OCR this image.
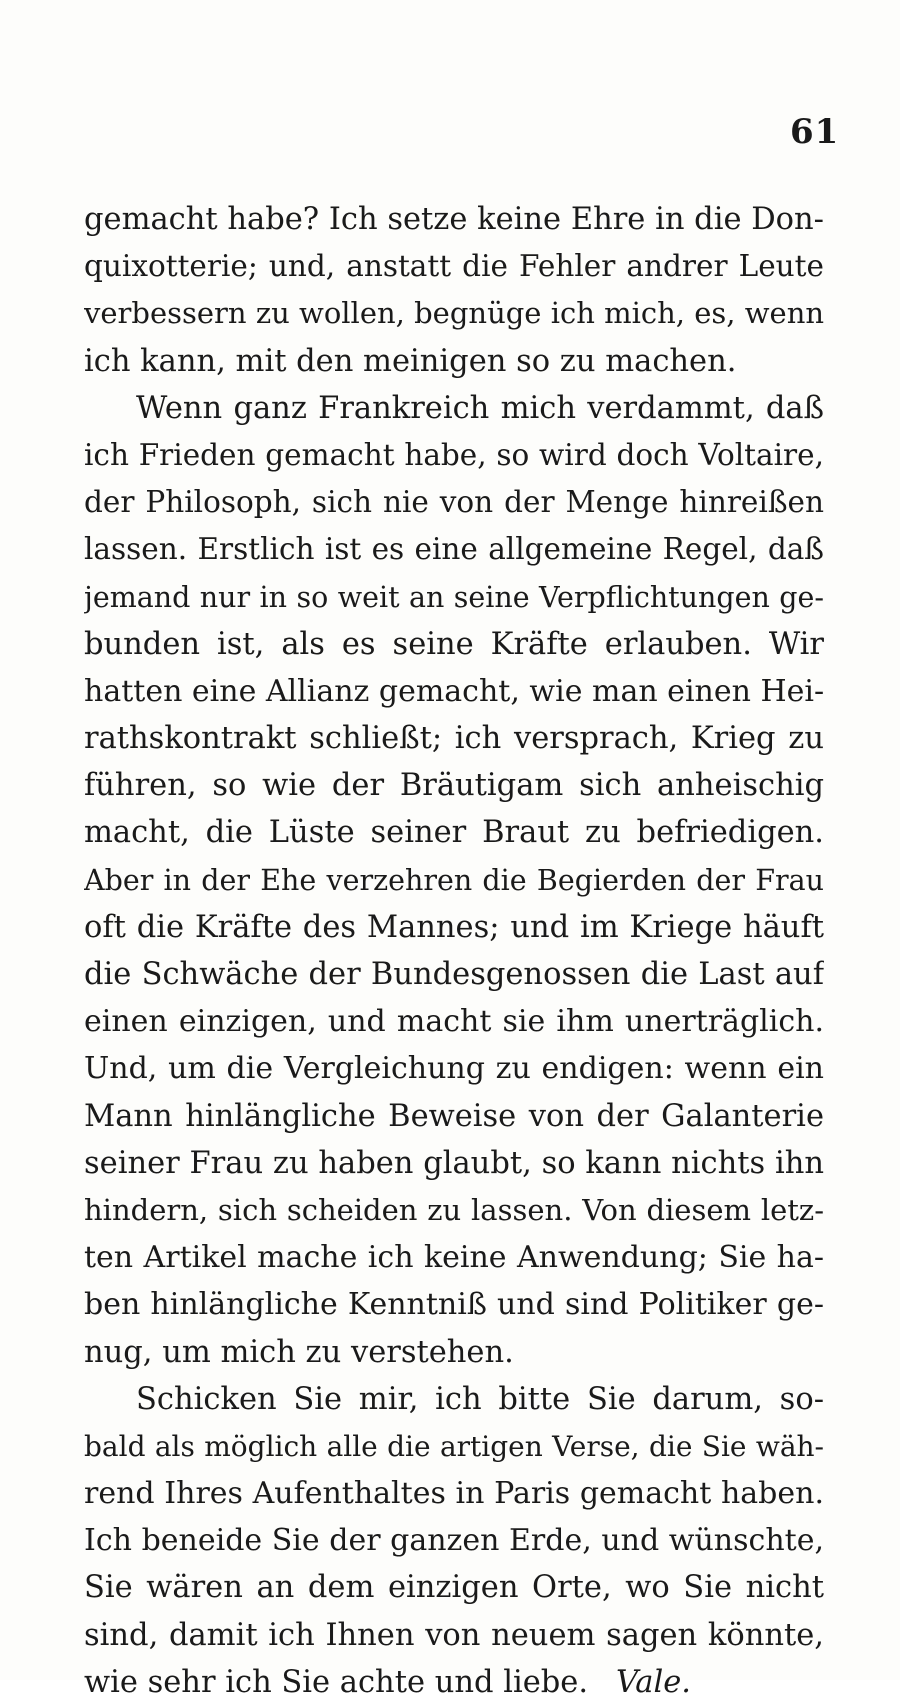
61
gemacht habe? Ich setze keine Ehre in die Don-
quixotterie; und, anstatt die Fehler andrer Leute
verbessern zu wollen, begnüge ich mich, es, wenn
ich kann, mit den meinigen so zu machen.
Wenn ganz Frankreich mich verdammt, daß
ich Frieden gemacht habe, so wird doch Voltaire,
der Philosoph, sich nie von der Menge hinreißen
lassen. Erstlich ist es eine allgemeine Regel, daß
jemand nur in so weit an seine Verpflichtungen ge-
bunden ist, als es seine Kräfte erlauben. Wir
hatten eine Allianz gemacht, wie man einen Hei-
rathskontrakt schließt; ich versprach, Krieg zu
führen, so wie der Bräutigam sich anheischig
macht, die Lüste seiner Braut zu befriedigen.
Aber in der Ehe verzehren die Begierden der Frau
oft die Kräfte des Mannes; und im Kriege häuft
die Schwäche der Bundesgenossen die Last auf
einen einzigen, und macht sie ihm unerträglich.
Und, um die Vergleichung zu endigen: wenn ein
Mann hinlängliche Beweise von der Galanterie
seiner Frau zu haben glaubt, so kann nichts ihn
hindern, sich scheiden zu lassen. Von diesem letz-
ten Artikel mache ich keine Anwendung; Sie ha-
ben hinlängliche Kenntniß und sind Politiker ge-
nug, um mich zu verstehen.
Schicken Sie mir, ich bitte Sie darum, so-
bald als möglich alle die artigen Verse, die Sie wäh-
rend Ihres Aufenthaltes in Paris gemacht haben.
Ich beneide Sie der ganzen Erde, und wünschte,
Sie wären an dem einzigen Orte, wo Sie nicht
sind, damit ich Ihnen von neuem sagen könnte,
wie sehr ich Sie achte und liebe. Vale.
